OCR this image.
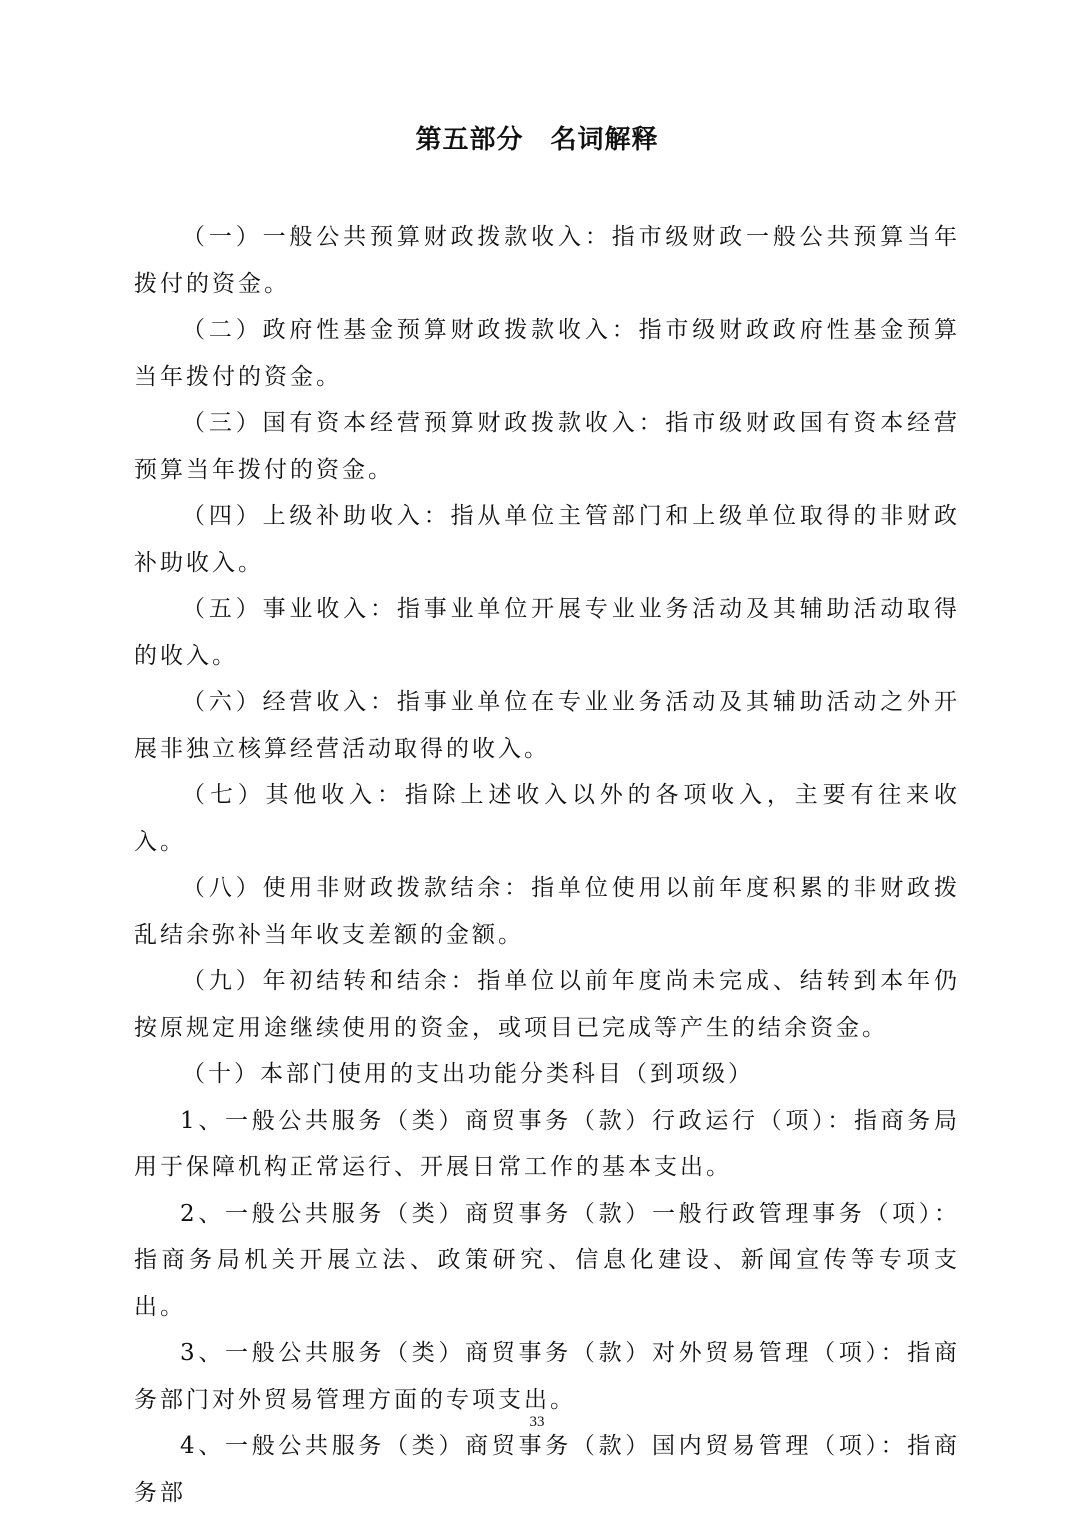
第五部分　名词解释

（一）一般公共预算财政拨款收入：指市级财政一般公共预算当年拨付的资金。

（二）政府性基金预算财政拨款收入：指市级财政政府性基金预算当年拨付的资金。

（三）国有资本经营预算财政拨款收入：指市级财政国有资本经营预算当年拨付的资金。

（四）上级补助收入：指从单位主管部门和上级单位取得的非财政补助收入。

（五）事业收入：指事业单位开展专业业务活动及其辅助活动取得的收入。

（六）经营收入：指事业单位在专业业务活动及其辅助活动之外开展非独立核算经营活动取得的收入。

（七）其他收入：指除上述收入以外的各项收入，主要有往来收入。

（八）使用非财政拨款结余：指单位使用以前年度积累的非财政拨乱结余弥补当年收支差额的金额。

（九）年初结转和结余：指单位以前年度尚未完成、结转到本年仍按原规定用途继续使用的资金，或项目已完成等产生的结余资金。

（十）本部门使用的支出功能分类科目（到项级）

1、一般公共服务（类）商贸事务（款）行政运行（项）：指商务局用于保障机构正常运行、开展日常工作的基本支出。

2、一般公共服务（类）商贸事务（款）一般行政管理事务（项）：指商务局机关开展立法、政策研究、信息化建设、新闻宣传等专项支出。

3、一般公共服务（类）商贸事务（款）对外贸易管理（项）：指商务部门对外贸易管理方面的专项支出。

4、一般公共服务（类）商贸事务（款）国内贸易管理（项）：指商务部

33
